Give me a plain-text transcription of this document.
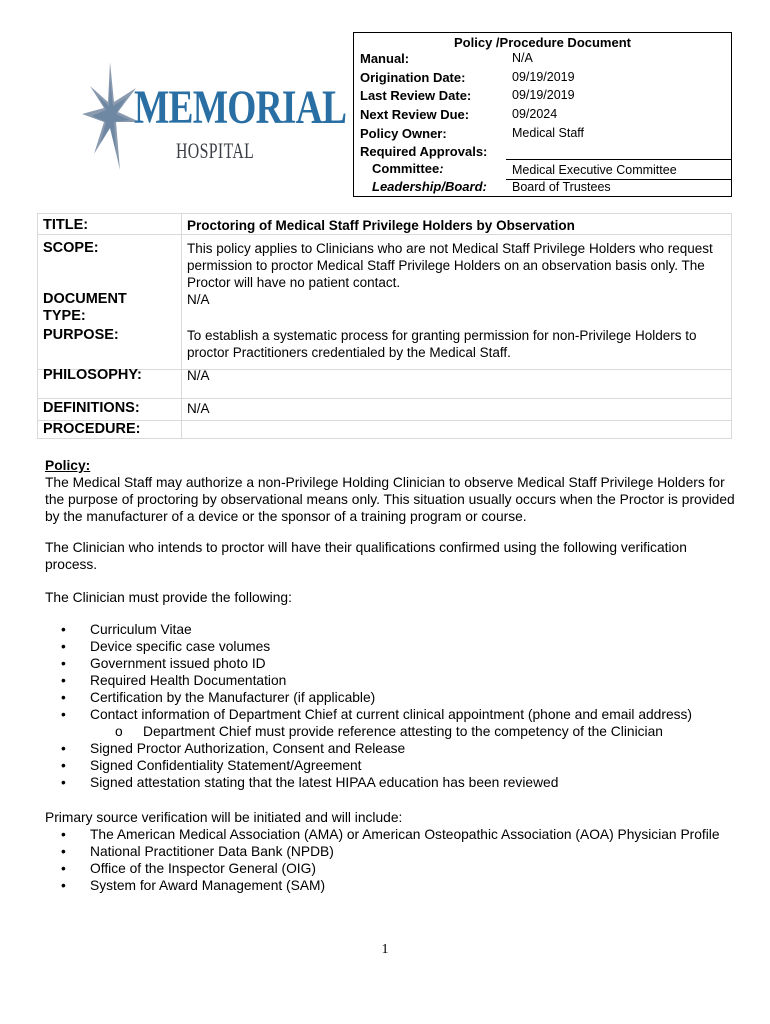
MEMORIAL
HOSPITAL
Policy /Procedure Document
Manual:	N/A
Origination Date:	09/19/2019
Last Review Date:	09/19/2019
Next Review Due:	09/2024
Policy Owner:	Medical Staff
Required Approvals:
Committee:	Medical Executive Committee
Leadership/Board: Board of Trustees
TITLE:	Proctoring of Medical Staff Privilege Holders by Observation
SCOPE:	This policy applies to Clinicians who are not Medical Staff Privilege Holders who request permission to proctor Medical Staff Privilege Holders on an observation basis only. The Proctor will have no patient contact.
DOCUMENT
TYPE:
N/A
PURPOSE:	To establish a systematic process for granting permission for non-Privilege Holders to proctor Practitioners credentialed by the Medical Staff.
PHILOSOPHY:	N/A
DEFINITIONS:	N/A
PROCEDURE:
Policy:
The Medical Staff may authorize a non-Privilege Holding Clinician to observe Medical Staff Privilege Holders for the purpose of proctoring by observational means only. This situation usually occurs when the Proctor is provided by the manufacturer of a device or the sponsor of a training program or course.
The Clinician who intends to proctor will have their qualifications confirmed using the following verification process.
The Clinician must provide the following:
• Curriculum Vitae
• Device specific case volumes
• Government issued photo ID
• Required Health Documentation
• Certification by the Manufacturer (if applicable)
• Contact information of Department Chief at current clinical appointment (phone and email address)
o Department Chief must provide reference attesting to the competency of the Clinician
• Signed Proctor Authorization, Consent and Release
• Signed Confidentiality Statement/Agreement
• Signed attestation stating that the latest HIPAA education has been reviewed
Primary source verification will be initiated and will include:
• The American Medical Association (AMA) or American Osteopathic Association (AOA) Physician Profile
• National Practitioner Data Bank (NPDB)
• Office of the Inspector General (OIG)
• System for Award Management (SAM)
1
